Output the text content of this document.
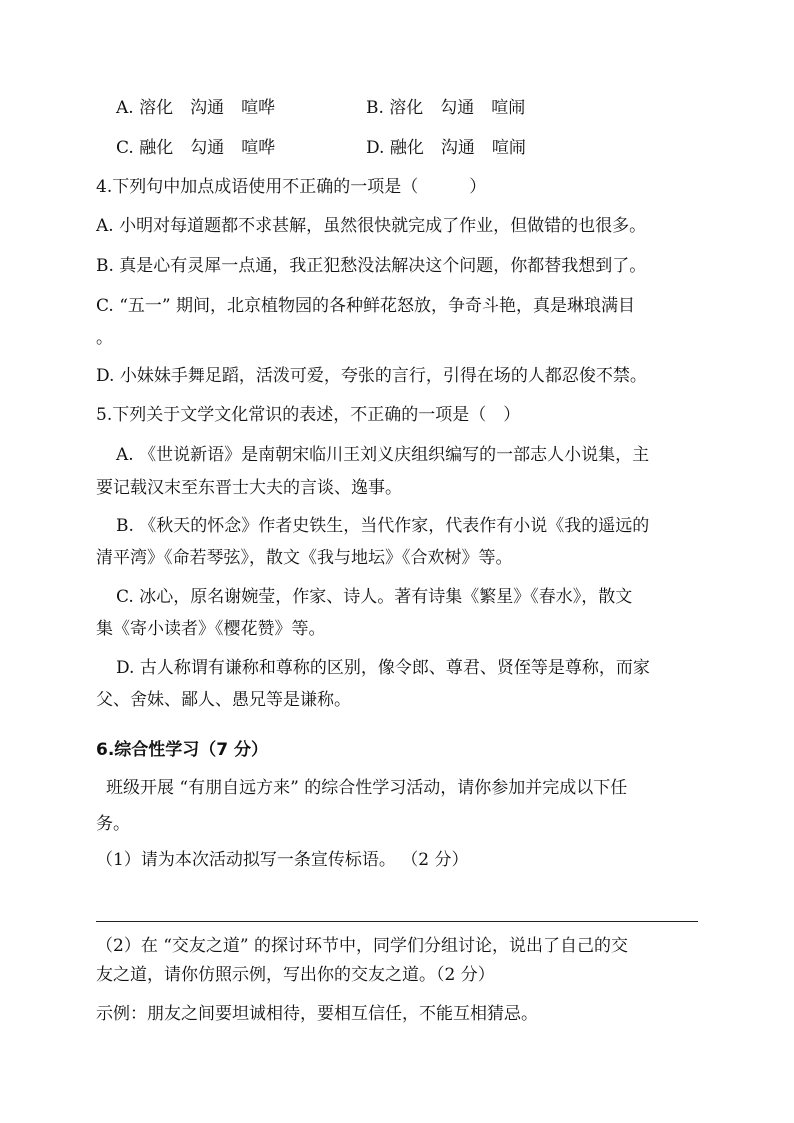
A. 溶化　沟通　喧哗	B. 溶化　勾通　喧闹
C. 融化　勾通　喧哗	D. 融化　沟通　喧闹
4.下列句中加点成语使用不正确的一项是（　　　）
A. 小明对每道题都不求甚解，虽然很快就完成了作业，但做错的也很多。
B. 真是心有灵犀一点通，我正犯愁没法解决这个问题，你都替我想到了。
C. “五一” 期间，北京植物园的各种鲜花怒放，争奇斗艳，真是琳琅满目
。
D. 小妹妹手舞足蹈，活泼可爱，夸张的言行，引得在场的人都忍俊不禁。
5.下列关于文学文化常识的表述，不正确的一项是（　）
A. 《世说新语》是南朝宋临川王刘义庆组织编写的一部志人小说集，主
要记载汉末至东晋士大夫的言谈、逸事。
B. 《秋天的怀念》作者史铁生，当代作家，代表作有小说《我的遥远的
清平湾》《命若琴弦》，散文《我与地坛》《合欢树》等。
C. 冰心，原名谢婉莹，作家、诗人。著有诗集《繁星》《春水》，散文
集《寄小读者》《樱花赞》等。
D. 古人称谓有谦称和尊称的区别，像令郎、尊君、贤侄等是尊称，而家
父、舍妹、鄙人、愚兄等是谦称。
6.综合性学习（7 分）
班级开展 “有朋自远方来” 的综合性学习活动，请你参加并完成以下任
务。
（1）请为本次活动拟写一条宣传标语。 （2 分）
（2）在 “交友之道” 的探讨环节中，同学们分组讨论，说出了自己的交
友之道，请你仿照示例，写出你的交友之道。（2 分）
示例：朋友之间要坦诚相待，要相互信任，不能互相猜忌。
